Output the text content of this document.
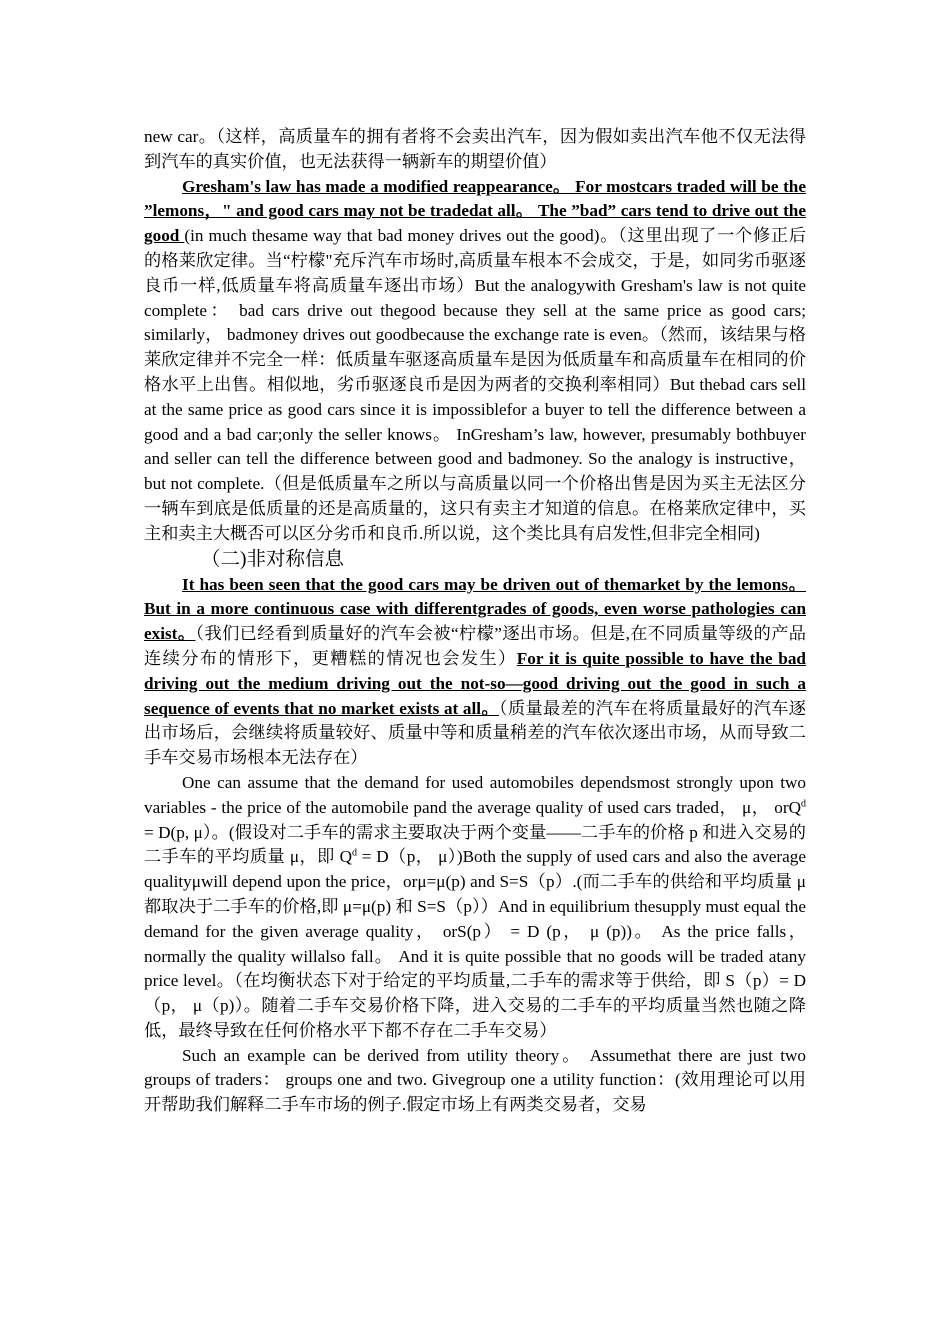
new car。（这样，高质量车的拥有者将不会卖出汽车，因为假如卖出汽车他不仅无法得到汽车的真实价值，也无法获得一辆新车的期望价值）

Gresham's law has made a modified reappearance。 For mostcars traded will be the ”lemons，" and good cars may not be tradedat all。 The ”bad” cars tend to drive out the good (in much thesame way that bad money drives out the good)。（这里出现了一个修正后的格莱欣定律。当“柠檬"充斥汽车市场时,高质量车根本不会成交，于是，如同劣币驱逐良币一样,低质量车将高质量车逐出市场）But the analogywith Gresham's law is not quite complete： bad cars drive out thegood because they sell at the same price as good cars; similarly， badmoney drives out goodbecause the exchange rate is even。（然而，该结果与格莱欣定律并不完全一样：低质量车驱逐高质量车是因为低质量车和高质量车在相同的价格水平上出售。相似地，劣币驱逐良币是因为两者的交换利率相同）But thebad cars sell at the same price as good cars since it is impossiblefor a buyer to tell the difference between a good and a bad car;only the seller knows。 InGresham’s law, however, presumably bothbuyer and seller can tell the difference between good and badmoney. So the analogy is instructive， but not complete.（但是低质量车之所以与高质量以同一个价格出售是因为买主无法区分一辆车到底是低质量的还是高质量的，这只有卖主才知道的信息。在格莱欣定律中，买主和卖主大概否可以区分劣币和良币.所以说，这个类比具有启发性,但非完全相同)

（二)非对称信息

It has been seen that the good cars may be driven out of themarket by the lemons。 But in a more continuous case with differentgrades of goods, even worse pathologies can exist。（我们已经看到质量好的汽车会被“柠檬”逐出市场。但是,在不同质量等级的产品连续分布的情形下，更糟糕的情况也会发生）For it is quite possible to have the bad driving out the medium driving out the not-so—good driving out the good in such a sequence of events that no market exists at all。（质量最差的汽车在将质量最好的汽车逐出市场后，会继续将质量较好、质量中等和质量稍差的汽车依次逐出市场，从而导致二手车交易市场根本无法存在）

One can assume that the demand for used automobiles dependsmost strongly upon two variables - the price of the automobile pand the average quality of used cars traded， μ， orQ$^d$ = D(p, μ）。(假设对二手车的需求主要取决于两个变量——二手车的价格 p 和进入交易的二手车的平均质量 μ，即 $Q^d = D(p$， μ）)Both the supply of used cars and also the average qualityμwill depend upon the price，orμ=μ(p) and S=S（p）.(而二手车的供给和平均质量 μ 都取决于二手车的价格,即 μ=μ(p) 和 S=S（p））And in equilibrium thesupply must equal the demand for the given average quality， orS(p） = D (p， μ (p))。 As the price falls， normally the quality willalso fall。 And it is quite possible that no goods will be traded atany price level。（在均衡状态下对于给定的平均质量,二手车的需求等于供给，即 S（p）= D （p， μ（p)）。随着二手车交易价格下降，进入交易的二手车的平均质量当然也随之降低，最终导致在任何价格水平下都不存在二手车交易）

Such an example can be derived from utility theory。 Assumethat there are just two groups of traders： groups one and two. Givegroup one a utility function：(效用理论可以用开帮助我们解释二手车市场的例子.假定市场上有两类交易者，交易
